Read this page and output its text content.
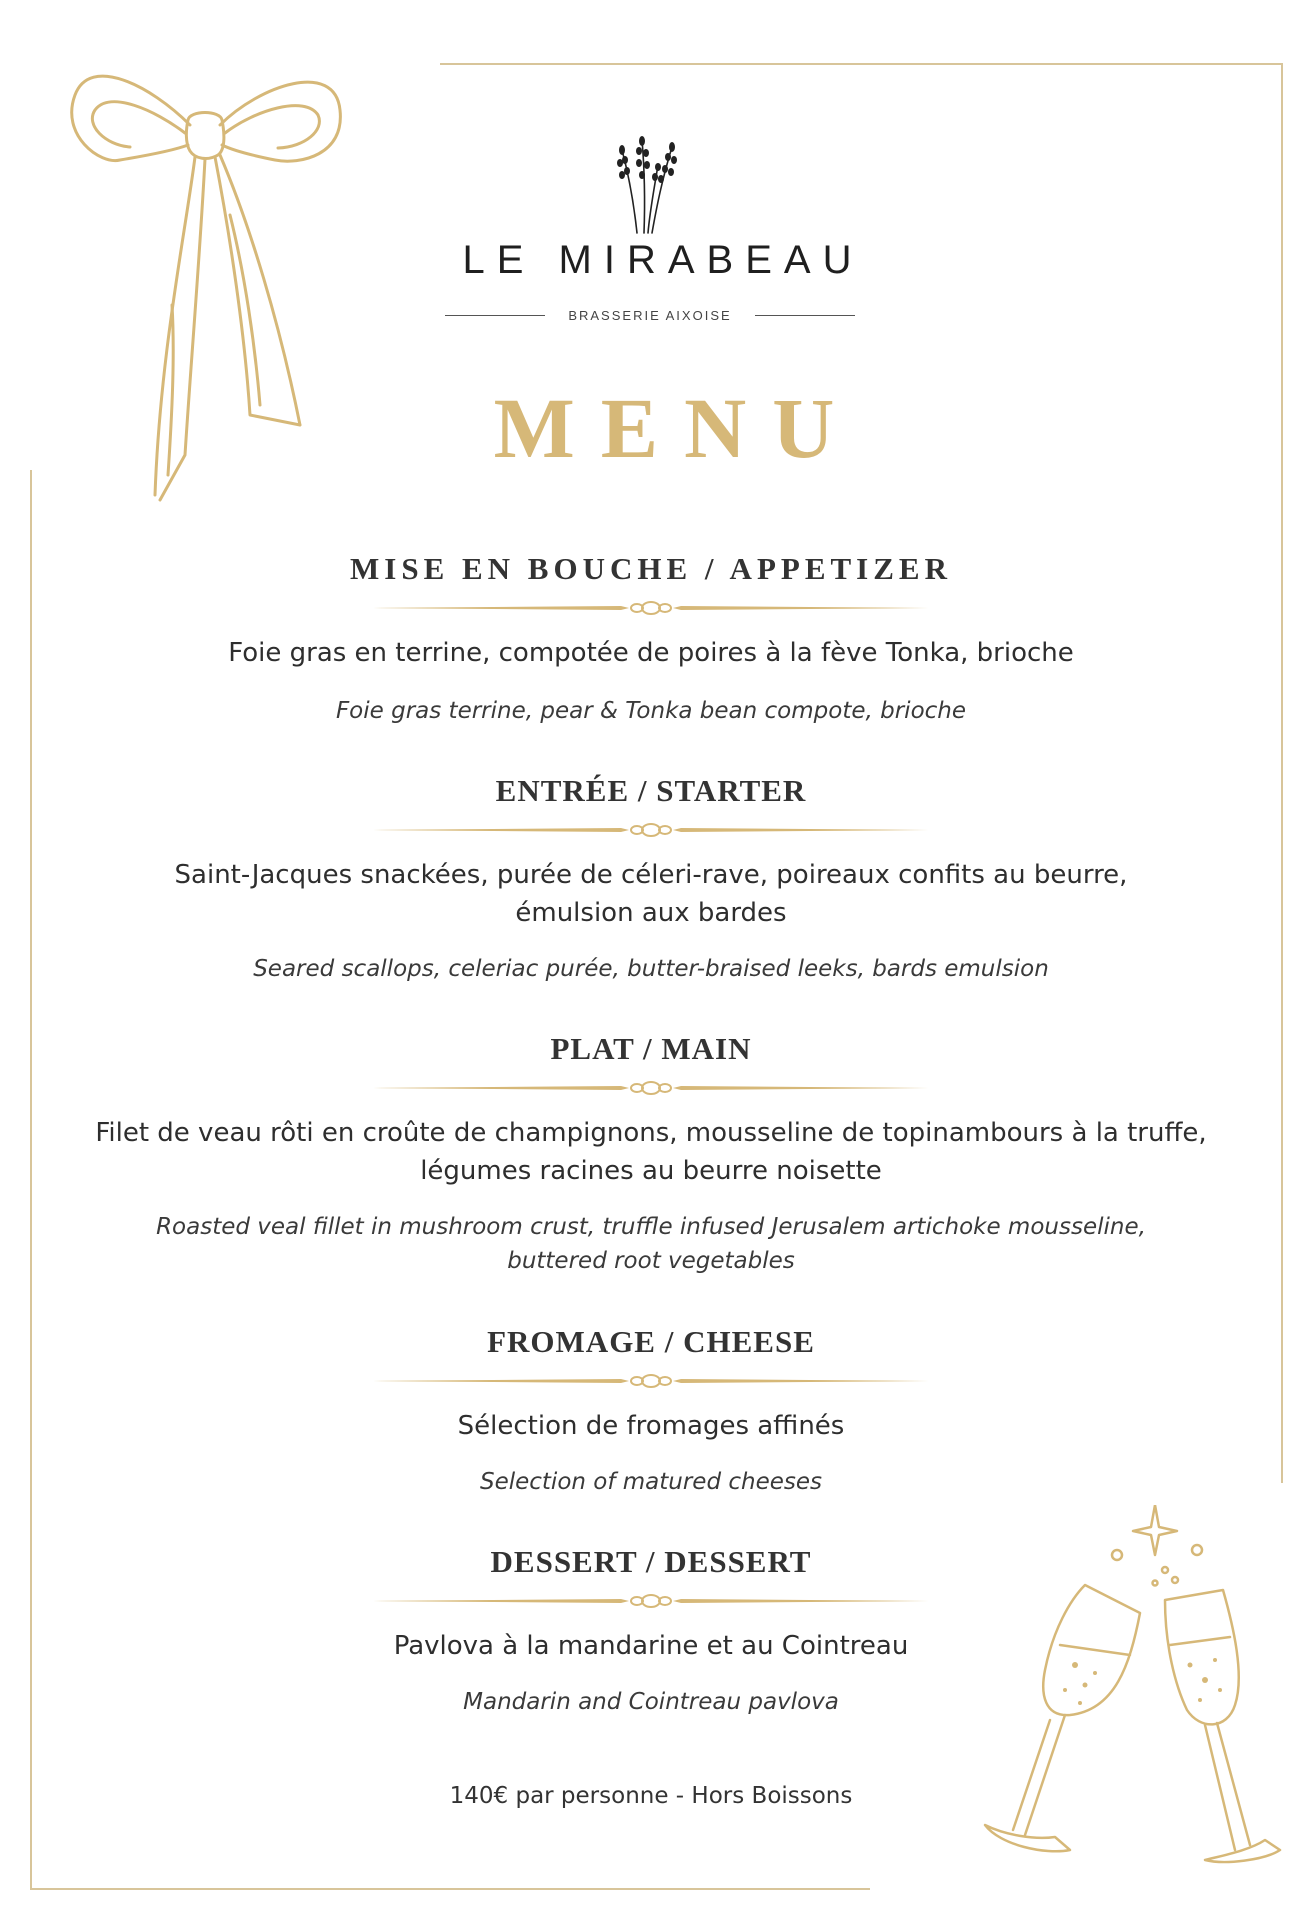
LE MIRABEAU
BRASSERIE AIXOISE
MENU
MISE EN BOUCHE / APPETIZER

Foie gras en terrine, compotée de poires à la fève Tonka, brioche

Foie gras terrine, pear & Tonka bean compote, brioche

ENTRÉE / STARTER

Saint-Jacques snackées, purée de céleri-rave, poireaux confits au beurre,

émulsion aux bardes

Seared scallops, celeriac purée, butter-braised leeks, bards emulsion

PLAT / MAIN

Filet de veau rôti en croûte de champignons, mousseline de topinambours à la truffe,

légumes racines au beurre noisette

Roasted veal fillet in mushroom crust, truffle infused Jerusalem artichoke mousseline,

buttered root vegetables

FROMAGE / CHEESE

Sélection de fromages affinés

Selection of matured cheeses

DESSERT / DESSERT

Pavlova à la mandarine et au Cointreau

Mandarin and Cointreau pavlova

140€ par personne - Hors Boissons
